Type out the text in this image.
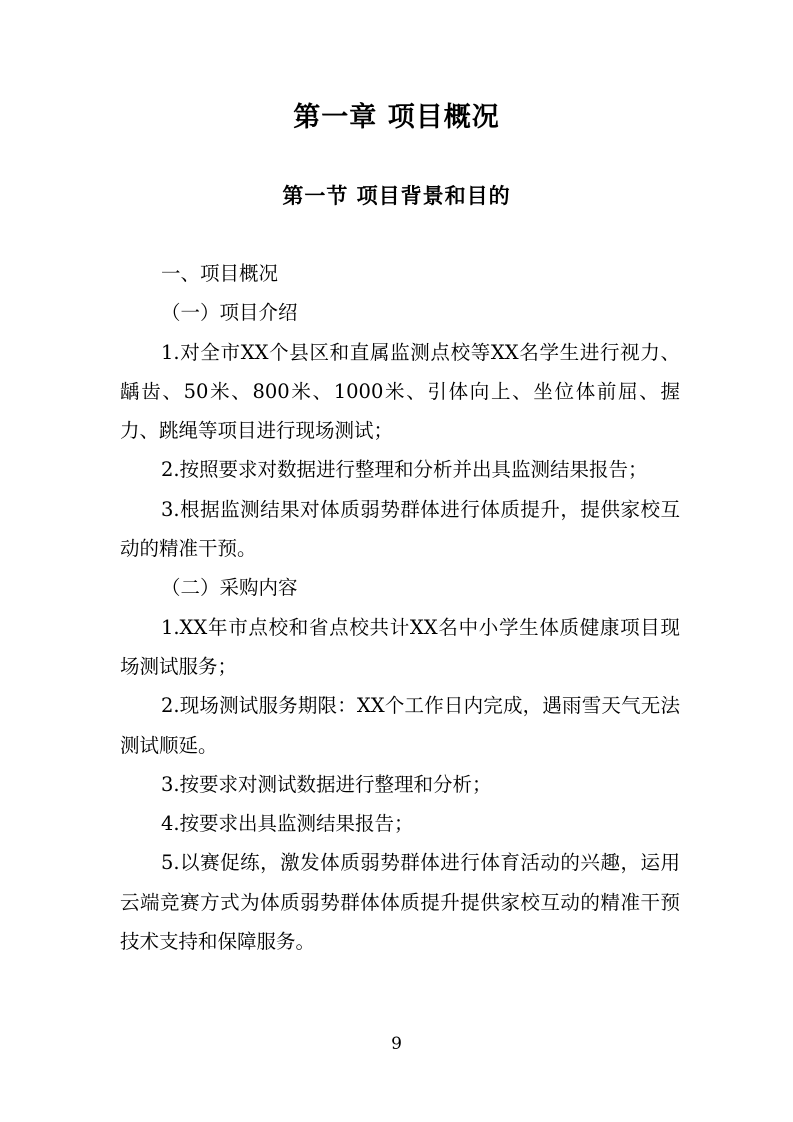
第一章 项目概况
第一节 项目背景和目的

一、项目概况

（一）项目介绍

1.对全市XX个县区和直属监测点校等XX名学生进行视力、龋齿、50米、800米、1000米、引体向上、坐位体前屈、握力、跳绳等项目进行现场测试；

2.按照要求对数据进行整理和分析并出具监测结果报告；

3.根据监测结果对体质弱势群体进行体质提升，提供家校互动的精准干预。

（二）采购内容

1.XX年市点校和省点校共计XX名中小学生体质健康项目现场测试服务；

2.现场测试服务期限：XX个工作日内完成，遇雨雪天气无法测试顺延。

3.按要求对测试数据进行整理和分析；

4.按要求出具监测结果报告；

5.以赛促练，激发体质弱势群体进行体育活动的兴趣，运用云端竞赛方式为体质弱势群体体质提升提供家校互动的精准干预技术支持和保障服务。

9
